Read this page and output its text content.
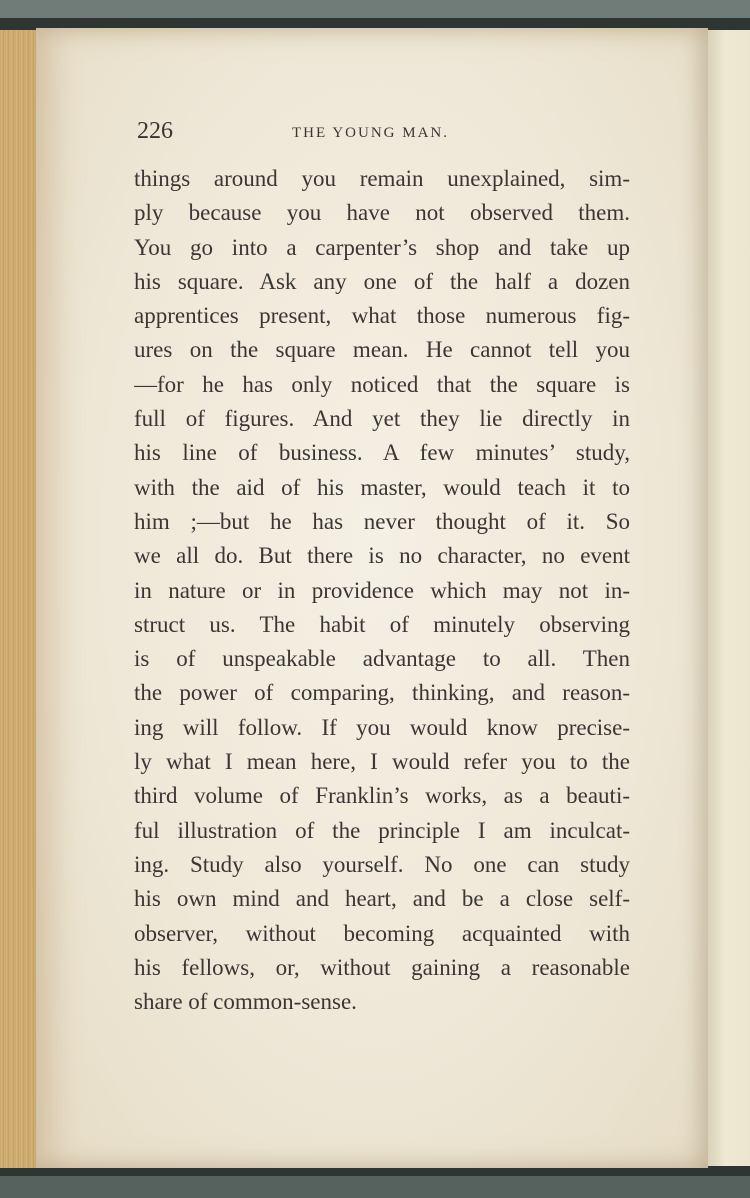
226	THE YOUNG MAN.
things around you remain unexplained, sim-
ply because you have not observed them.
You go into a carpenter’s shop and take up
his square. Ask any one of the half a dozen
apprentices present, what those numerous fig-
ures on the square mean. He cannot tell you
—for he has only noticed that the square is
full of figures. And yet they lie directly in
his line of business. A few minutes’ study,
with the aid of his master, would teach it to
him ;—but he has never thought of it. So
we all do. But there is no character, no event
in nature or in providence which may not in-
struct us. The habit of minutely observing
is of unspeakable advantage to all. Then
the power of comparing, thinking, and reason-
ing will follow. If you would know precise-
ly what I mean here, I would refer you to the
third volume of Franklin’s works, as a beauti-
ful illustration of the principle I am inculcat-
ing. Study also yourself. No one can study
his own mind and heart, and be a close self-
observer, without becoming acquainted with
his fellows, or, without gaining a reasonable
share of common-sense.
